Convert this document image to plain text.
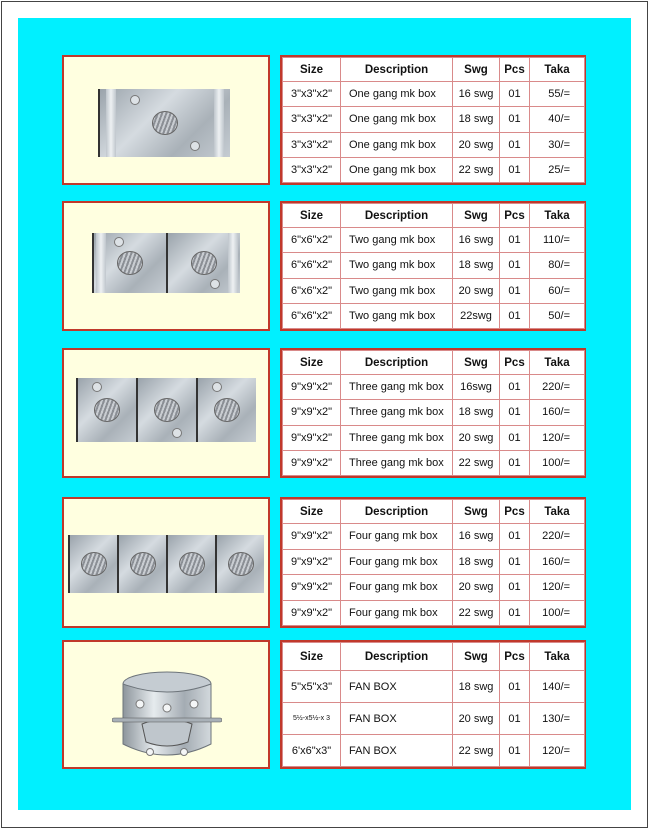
Size	Description	Swg	Pcs	Taka
3"x3"x2"	One gang mk box	16 swg	01	55/=
3"x3"x2"	One gang mk box	18 swg	01	40/=
3"x3"x2"	One gang mk box	20 swg	01	30/=
3"x3"x2"	One gang mk box	22 swg	01	25/=
Size	Description	Swg	Pcs	Taka
6"x6"x2"	Two gang mk box	16 swg	01	110/=
6"x6"x2"	Two gang mk box	18 swg	01	80/=
6"x6"x2"	Two gang mk box	20 swg	01	60/=
6"x6"x2"	Two gang mk box	22swg	01	50/=
Size	Description	Swg	Pcs	Taka
9"x9"x2"	Three gang mk box	16swg	01	220/=
9"x9"x2"	Three gang mk box	18 swg	01	160/=
9"x9"x2"	Three gang mk box	20 swg	01	120/=
9"x9"x2"	Three gang mk box	22 swg	01	100/=
Size	Description	Swg	Pcs	Taka
9"x9"x2"	Four gang mk box	16 swg	01	220/=
9"x9"x2"	Four gang mk box	18 swg	01	160/=
9"x9"x2"	Four gang mk box	20 swg	01	120/=
9"x9"x2"	Four gang mk box	22 swg	01	100/=
Size	Description	Swg	Pcs	Taka
5"x5"x3"	FAN BOX	18 swg	01	140/=
5½-x5½-x 3	FAN BOX	20 swg	01	130/=
6'x6"x3"	FAN BOX	22 swg	01	120/=
